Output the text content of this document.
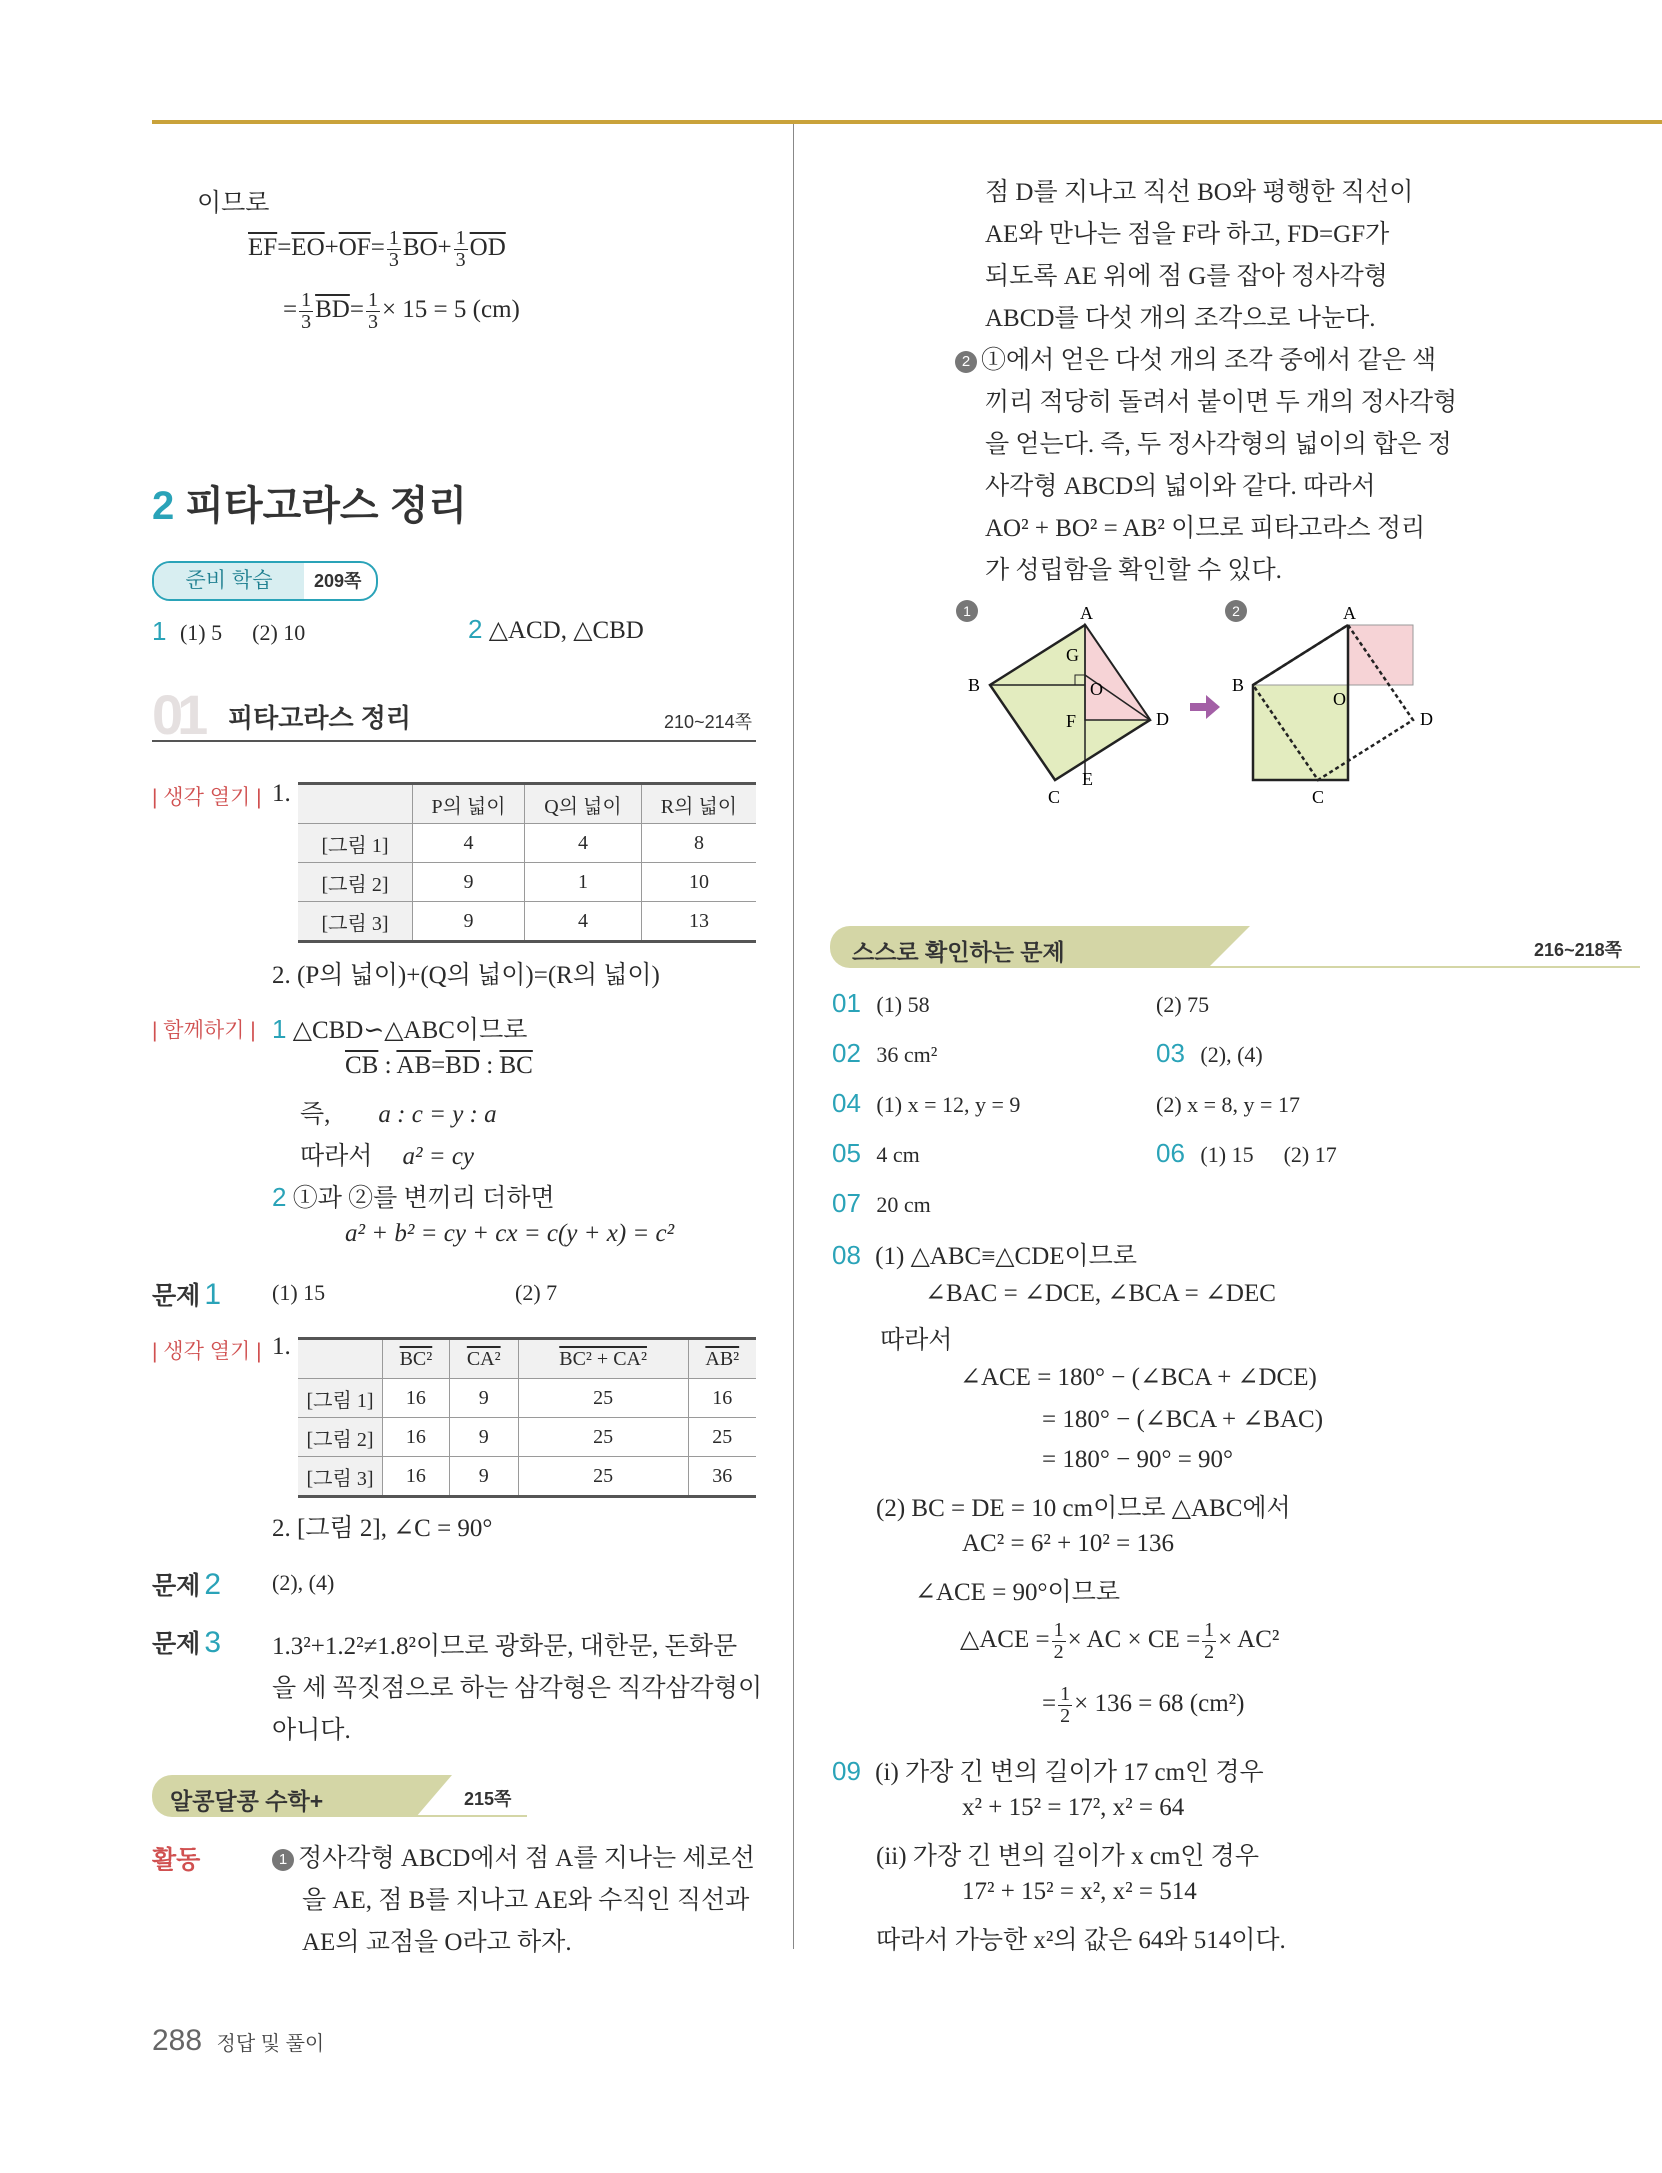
이므로
$\overline{EF}=\overline{EO}+\overline{OF}= \frac{1}{3} \overline{BO}+ \frac{1}{3} \overline{OD}$
= $\frac{1}{3} \overline{BD}= \frac{1}{3} \times 15 = 5$ (cm)
2 피타고라스 정리
준비 학습	209쪽
1 (1) 5 (2) 10	2 △ACD, △CBD
01 피타고라스 정리	210~214쪽
| 생각 열기 | 1.
		P의 넓이	Q의 넓이	R의 넓이
[그림 1]	4	4	8
[그림 2]	9	1	10
[그림 3]	9	4	13
2. (P의 넓이)+(Q의 넓이)=(R의 넓이)
| 함께하기 | 1 △CBD∽△ABC이므로
$\overline{CB}$ : $\overline{AB}=\overline{BD}$ : $\overline{BC}$
즉, a : c = y : a
따라서 a² = cy
2 ①과 ②를 변끼리 더하면
a² + b² = cy + cx = c(y + x) = c²
문제 1 (1) 15	(2) 7
| 생각 열기 | 1.
		BC²	CA²	BC² + CA²	AB²
[그림 1]	16	9	25	16
[그림 2]	16	9	25	25
[그림 3]	16	9	25	36
2. [그림 2], ∠C = 90°
문제 2 (2), (4)
문제 3 1.3²+1.2²≠1.8²이므로 광화문, 대한문, 돈화문
을 세 꼭짓점으로 하는 삼각형은 직각삼각형이
아니다.
알콩달콩 수학+	215쪽
활동	1 정사각형 ABCD에서 점 A를 지나는 세로선
을 AE, 점 B를 지나고 AE와 수직인 직선과
AE의 교점을 O라고 하자.
288 정답 및 풀이
점 D를 지나고 직선 BO와 평행한 직선이
AE와 만나는 점을 F라 하고, FD=GF가
되도록 AE 위에 점 G를 잡아 정사각형
ABCD를 다섯 개의 조각으로 나눈다.
2 ①에서 얻은 다섯 개의 조각 중에서 같은 색
끼리 적당히 돌려서 붙이면 두 개의 정사각형
을 얻는다. 즉, 두 정사각형의 넓이의 합은 정
사각형 ABCD의 넓이와 같다. 따라서
AO² + BO² = AB² 이므로 피타고라스 정리
가 성립함을 확인할 수 있다.
1	A
B
C
D
E
F
G
O
2	A
B
C
D
O
스스로 확인하는 문제	216~218쪽
01 (1) 58	(2) 75
02 36 cm²	03 (2), (4)
04 (1) x = 12, y = 9	(2) x = 8, y = 17
05 4 cm	06 (1) 15 (2) 17
07 20 cm
08 (1) △ABC≡△CDE이므로
∠BAC = ∠DCE, ∠BCA = ∠DEC
따라서
∠ACE = 180° − (∠BCA + ∠DCE)
= 180° − (∠BCA + ∠BAC)
= 180° − 90° = 90°
(2) BC = DE = 10 cm이므로 △ABC에서
AC² = 6² + 10² = 136
∠ACE = 90°이므로
△ACE = $\frac{1}{2}$ × AC × CE = $\frac{1}{2} \times AC^2$
= $\frac{1}{2} \times 136 = 68$ (cm²)
09 (i) 가장 긴 변의 길이가 17 cm인 경우
x² + 15² = 17², x² = 64
(ii) 가장 긴 변의 길이가 x cm인 경우
17² + 15² = x², x² = 514
따라서 가능한 x²의 값은 64와 514이다.
